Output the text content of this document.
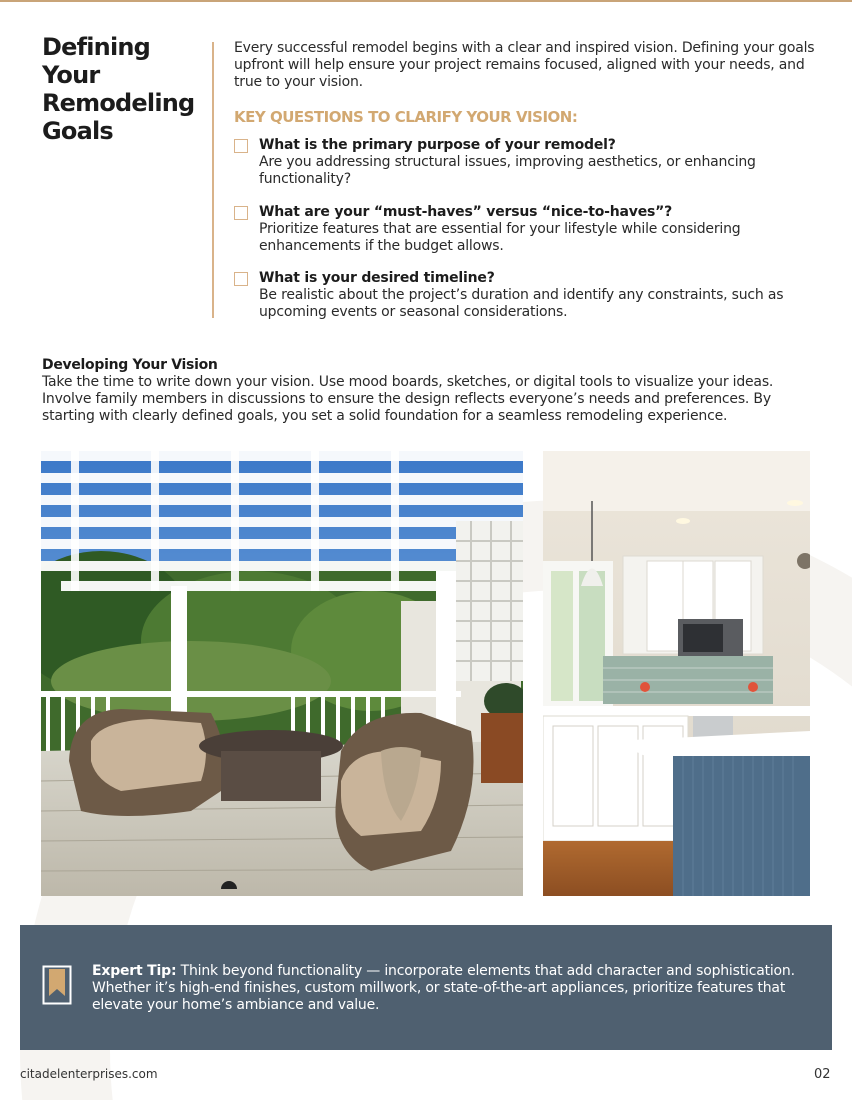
Defining Your Remodeling Goals

Every successful remodel begins with a clear and inspired vision. Defining your goals upfront will help ensure your project remains focused, aligned with your needs, and true to your vision.

KEY QUESTIONS TO CLARIFY YOUR VISION:
What is the primary purpose of your remodel?
Are you addressing structural issues, improving aesthetics, or enhancing functionality?
What are your “must-haves” versus “nice-to-haves”?
Prioritize features that are essential for your lifestyle while considering enhancements if the budget allows.
What is your desired timeline?
Be realistic about the project’s duration and identify any constraints, such as upcoming events or seasonal considerations.
Developing Your Vision

Take the time to write down your vision. Use mood boards, sketches, or digital tools to visualize your ideas. Involve family members in discussions to ensure the design reflects everyone’s needs and preferences. By starting with clearly defined goals, you set a solid foundation for a seamless remodeling experience.

Expert Tip: Think beyond functionality — incorporate elements that add character and sophistication. Whether it’s high-end finishes, custom millwork, or state-of-the-art appliances, prioritize features that elevate your home’s ambiance and value.

citadelenterprises.com	02
